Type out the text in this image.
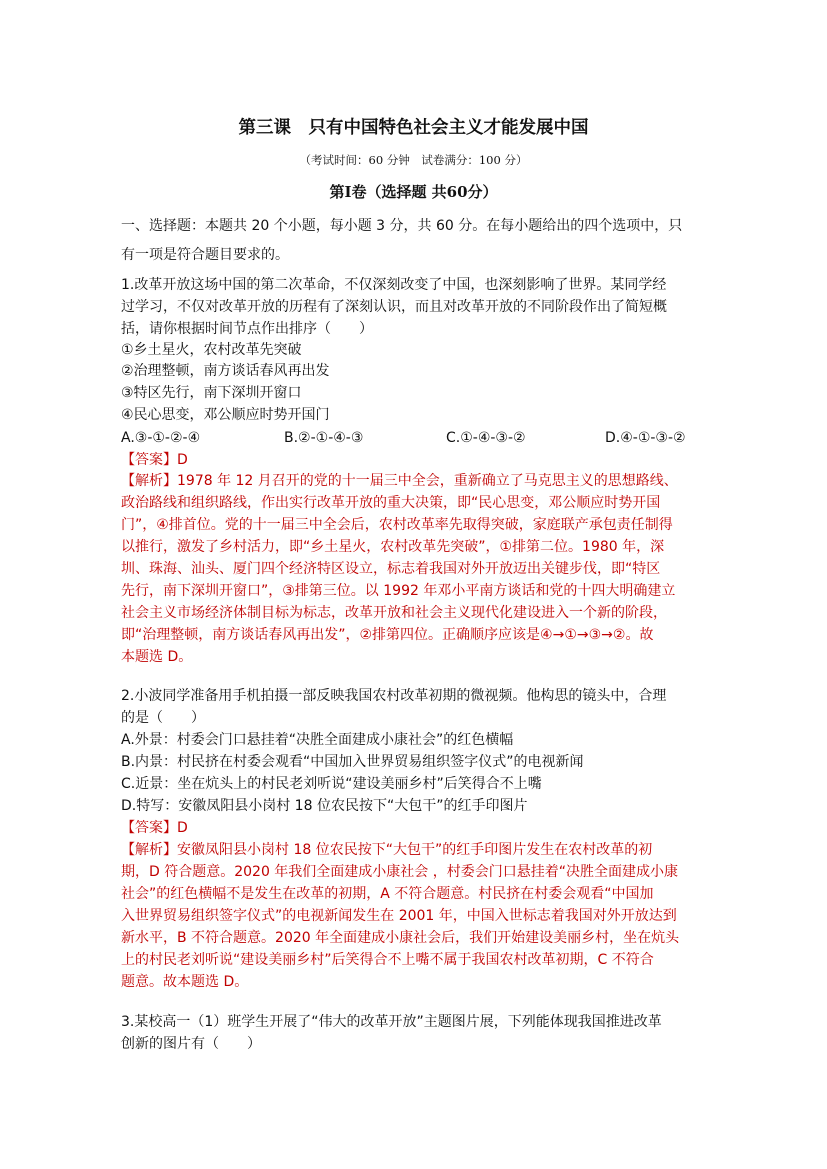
第三课　只有中国特色社会主义才能发展中国
（考试时间：60 分钟　试卷满分：100 分）
第Ⅰ卷（选择题 共60分）
一、选择题：本题共 20 个小题，每小题 3 分，共 60 分。在每小题给出的四个选项中，只
有一项是符合题目要求的。
1.改革开放这场中国的第二次革命，不仅深刻改变了中国，也深刻影响了世界。某同学经
过学习，不仅对改革开放的历程有了深刻认识，而且对改革开放的不同阶段作出了简短概
括，请你根据时间节点作出排序（　　）
①乡土星火，农村改革先突破
②治理整顿，南方谈话春风再出发
③特区先行，南下深圳开窗口
④民心思变，邓公顺应时势开国门
A.③-①-②-④	B.②-①-④-③	C.①-④-③-②	D.④-①-③-②
【答案】D
【解析】1978 年 12 月召开的党的十一届三中全会，重新确立了马克思主义的思想路线、
政治路线和组织路线，作出实行改革开放的重大决策，即“民心思变，邓公顺应时势开国
门”，④排首位。党的十一届三中全会后，农村改革率先取得突破，家庭联产承包责任制得
以推行，激发了乡村活力，即“乡土星火，农村改革先突破”，①排第二位。1980 年，深
圳、珠海、汕头、厦门四个经济特区设立，标志着我国对外开放迈出关键步伐，即“特区
先行，南下深圳开窗口”，③排第三位。以 1992 年邓小平南方谈话和党的十四大明确建立
社会主义市场经济体制目标为标志，改革开放和社会主义现代化建设进入一个新的阶段，
即“治理整顿，南方谈话春风再出发”，②排第四位。正确顺序应该是④→①→③→②。故
本题选 D。
2.小波同学准备用手机拍摄一部反映我国农村改革初期的微视频。他构思的镜头中，合理
的是（　　）
A.外景：村委会门口悬挂着“决胜全面建成小康社会”的红色横幅
B.内景：村民挤在村委会观看“中国加入世界贸易组织签字仪式”的电视新闻
C.近景：坐在炕头上的村民老刘听说“建设美丽乡村”后笑得合不上嘴
D.特写：安徽凤阳县小岗村 18 位农民按下“大包干”的红手印图片
【答案】D
【解析】安徽凤阳县小岗村 18 位农民按下“大包干”的红手印图片发生在农村改革的初
期，D 符合题意。2020 年我们全面建成小康社会 ，村委会门口悬挂着“决胜全面建成小康
社会”的红色横幅不是发生在改革的初期，A 不符合题意。村民挤在村委会观看“中国加
入世界贸易组织签字仪式”的电视新闻发生在 2001 年，中国入世标志着我国对外开放达到
新水平，B 不符合题意。2020 年全面建成小康社会后，我们开始建设美丽乡村，坐在炕头
上的村民老刘听说“建设美丽乡村”后笑得合不上嘴不属于我国农村改革初期，C 不符合
题意。故本题选 D。
3.某校高一（1）班学生开展了“伟大的改革开放”主题图片展，下列能体现我国推进改革
创新的图片有（　　）
